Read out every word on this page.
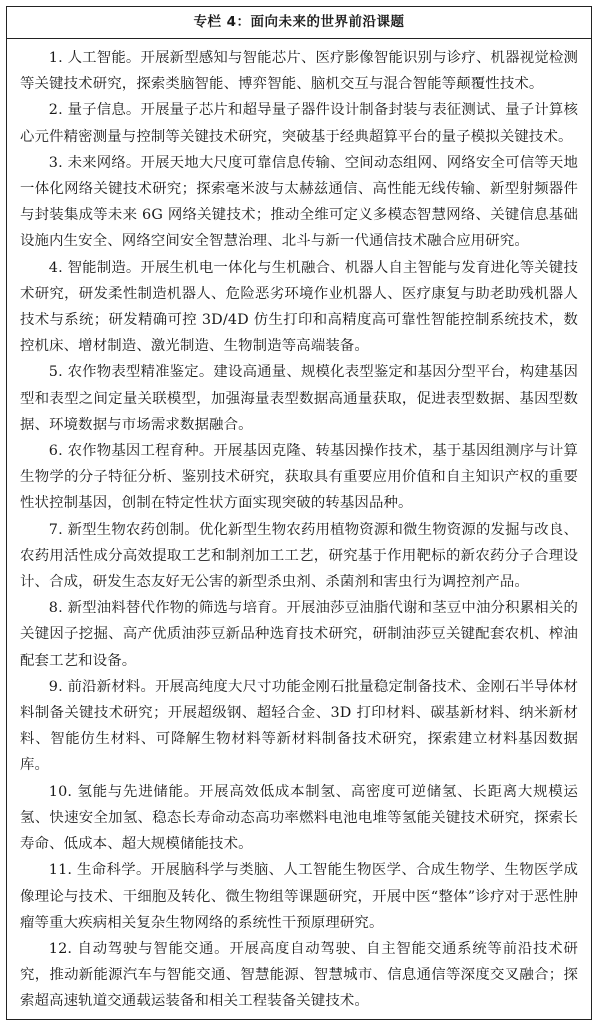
专栏 4：面向未来的世界前沿课题

1. 人工智能。开展新型感知与智能芯片、医疗影像智能识别与诊疗、机器视觉检测等关键技术研究，探索类脑智能、博弈智能、脑机交互与混合智能等颠覆性技术。

2. 量子信息。开展量子芯片和超导量子器件设计制备封装与表征测试、量子计算核心元件精密测量与控制等关键技术研究，突破基于经典超算平台的量子模拟关键技术。

3. 未来网络。开展天地大尺度可靠信息传输、空间动态组网、网络安全可信等天地一体化网络关键技术研究；探索毫米波与太赫兹通信、高性能无线传输、新型射频器件与封装集成等未来 6G 网络关键技术；推动全维可定义多模态智慧网络、关键信息基础设施内生安全、网络空间安全智慧治理、北斗与新一代通信技术融合应用研究。

4. 智能制造。开展生机电一体化与生机融合、机器人自主智能与发育进化等关键技术研究，研发柔性制造机器人、危险恶劣环境作业机器人、医疗康复与助老助残机器人技术与系统；研发精确可控 3D/4D 仿生打印和高精度高可靠性智能控制系统技术，数控机床、增材制造、激光制造、生物制造等高端装备。

5. 农作物表型精准鉴定。建设高通量、规模化表型鉴定和基因分型平台，构建基因型和表型之间定量关联模型，加强海量表型数据高通量获取，促进表型数据、基因型数据、环境数据与市场需求数据融合。

6. 农作物基因工程育种。开展基因克隆、转基因操作技术，基于基因组测序与计算生物学的分子特征分析、鉴别技术研究，获取具有重要应用价值和自主知识产权的重要性状控制基因，创制在特定性状方面实现突破的转基因品种。

7. 新型生物农药创制。优化新型生物农药用植物资源和微生物资源的发掘与改良、农药用活性成分高效提取工艺和制剂加工工艺，研究基于作用靶标的新农药分子合理设计、合成，研发生态友好无公害的新型杀虫剂、杀菌剂和害虫行为调控剂产品。

8. 新型油料替代作物的筛选与培育。开展油莎豆油脂代谢和茎豆中油分积累相关的关键因子挖掘、高产优质油莎豆新品种选育技术研究，研制油莎豆关键配套农机、榨油配套工艺和设备。

9. 前沿新材料。开展高纯度大尺寸功能金刚石批量稳定制备技术、金刚石半导体材料制备关键技术研究；开展超级钢、超轻合金、3D 打印材料、碳基新材料、纳米新材料、智能仿生材料、可降解生物材料等新材料制备技术研究，探索建立材料基因数据库。

10. 氢能与先进储能。开展高效低成本制氢、高密度可逆储氢、长距离大规模运氢、快速安全加氢、稳态长寿命动态高功率燃料电池电堆等氢能关键技术研究，探索长寿命、低成本、超大规模储能技术。

11. 生命科学。开展脑科学与类脑、人工智能生物医学、合成生物学、生物医学成像理论与技术、干细胞及转化、微生物组等课题研究，开展中医“整体”诊疗对于恶性肿瘤等重大疾病相关复杂生物网络的系统性干预原理研究。

12. 自动驾驶与智能交通。开展高度自动驾驶、自主智能交通系统等前沿技术研究，推动新能源汽车与智能交通、智慧能源、智慧城市、信息通信等深度交叉融合；探索超高速轨道交通载运装备和相关工程装备关键技术。
